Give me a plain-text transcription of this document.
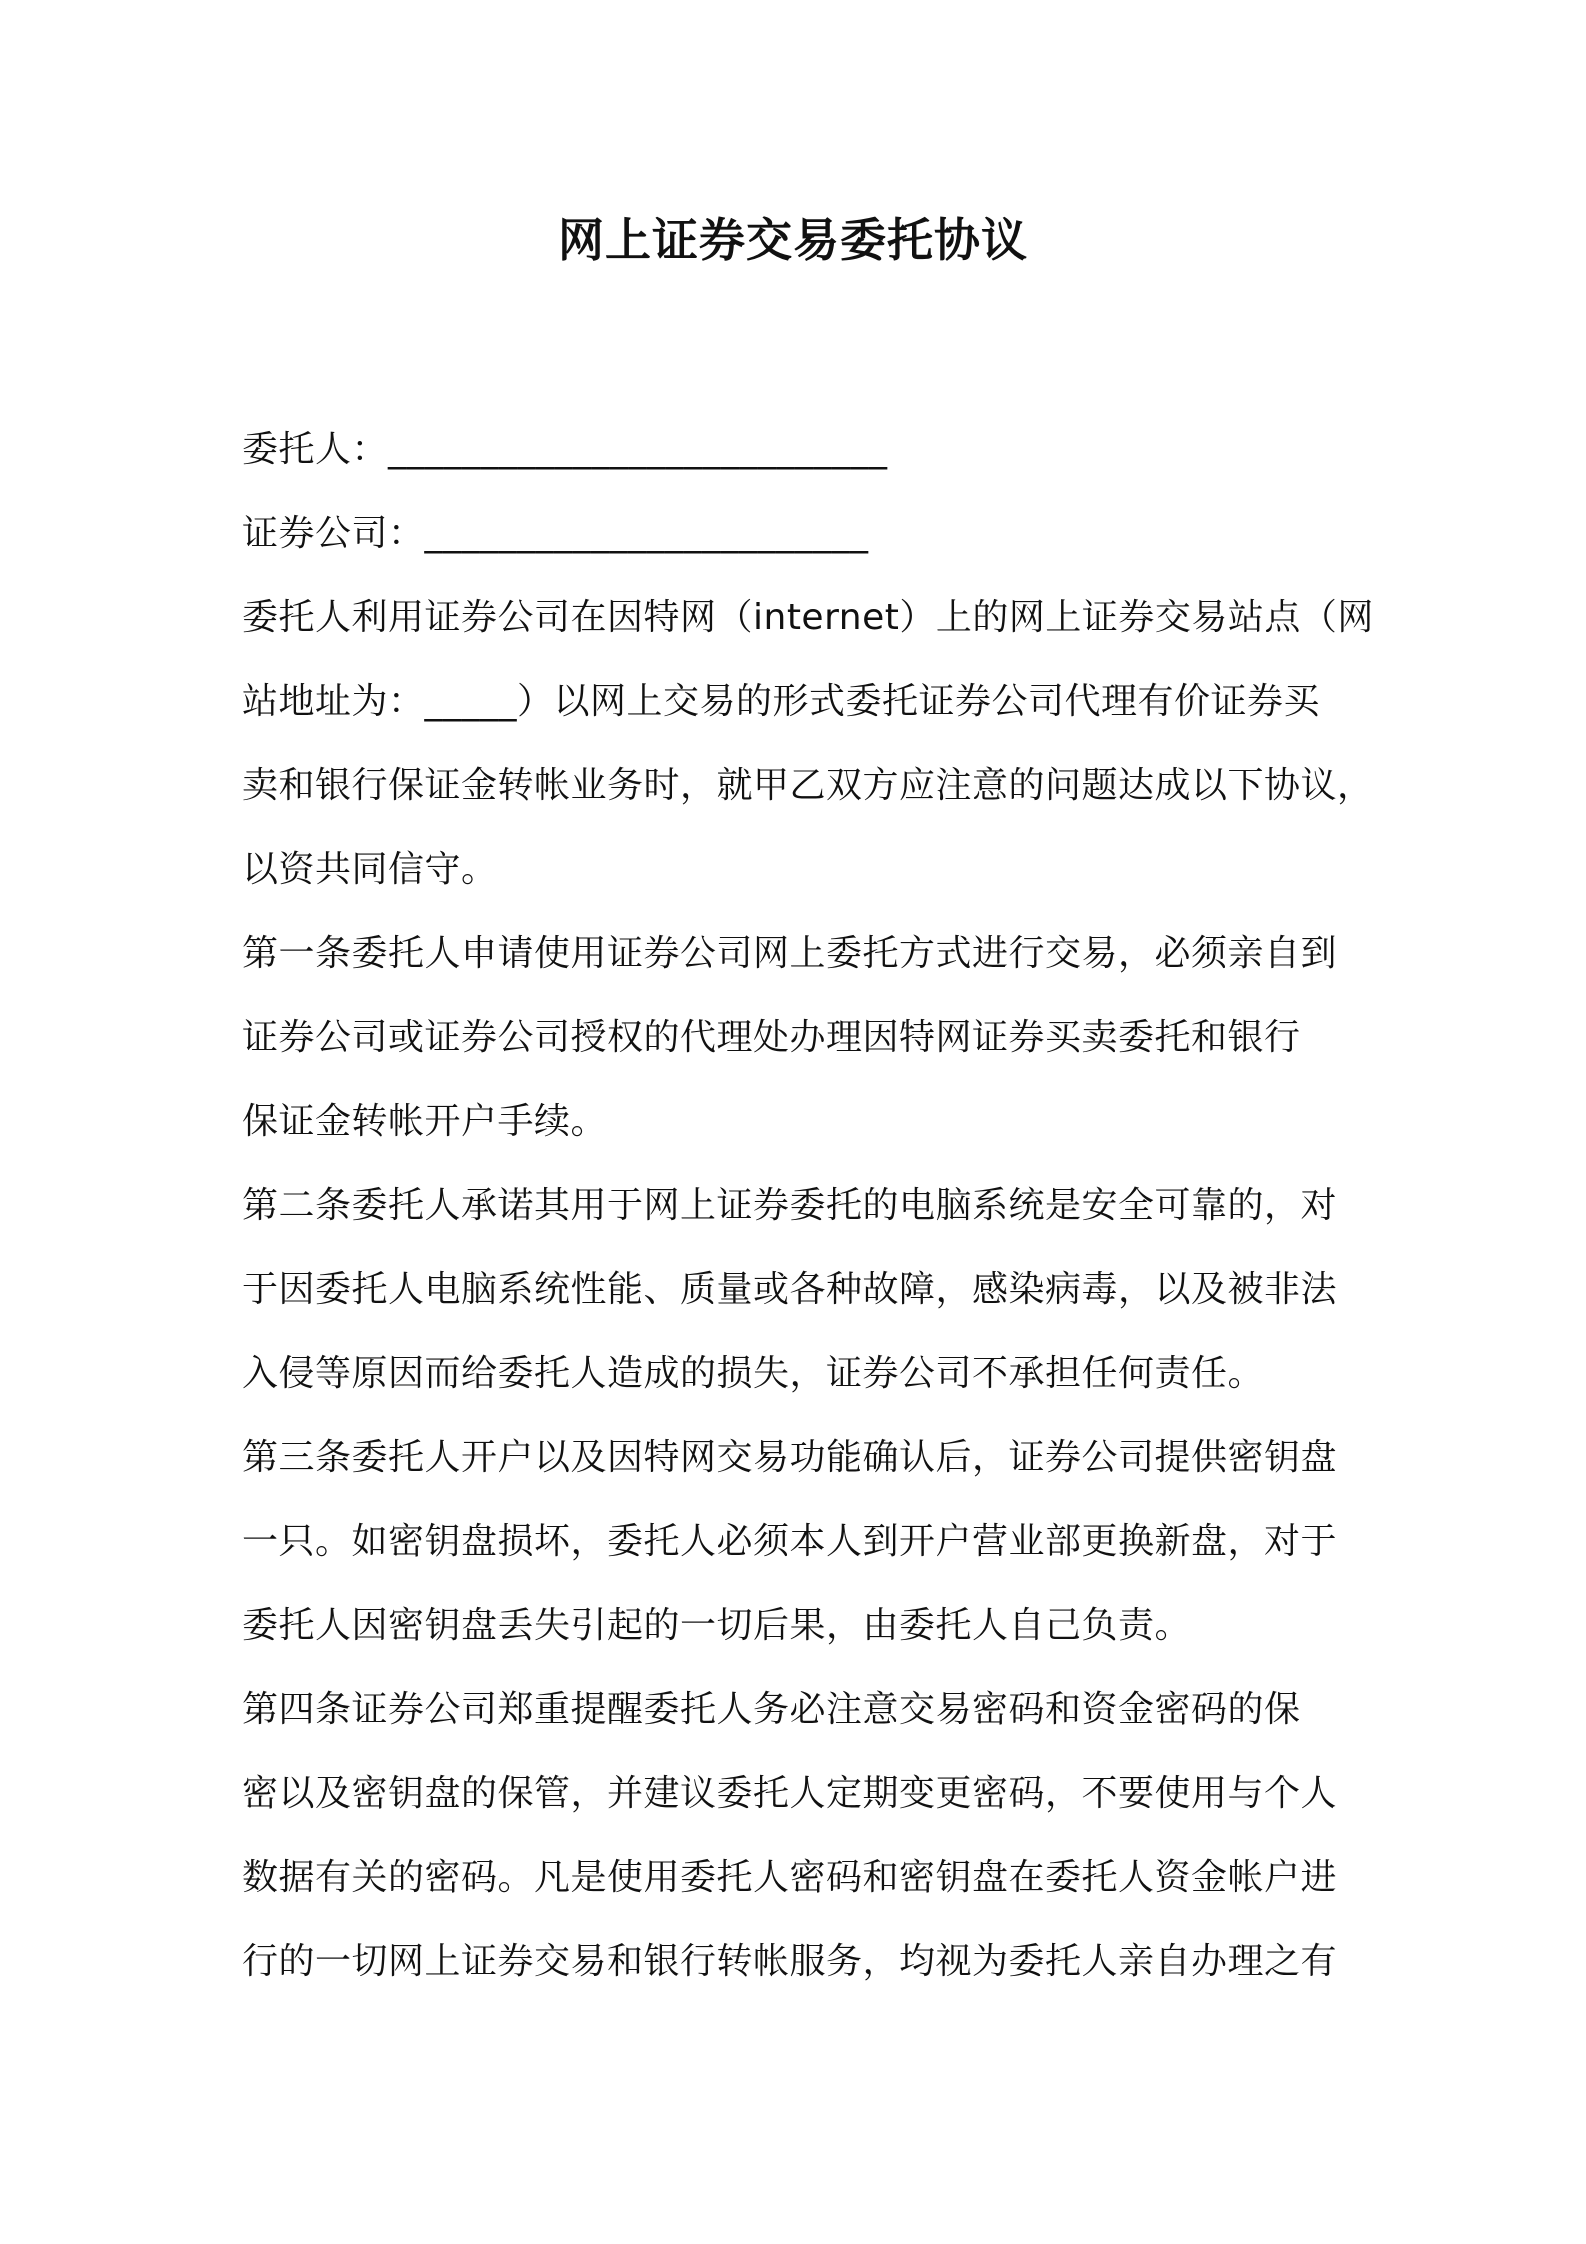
网上证券交易委托协议
委托人：___________________________
证券公司：________________________
委托人利用证券公司在因特网（internet）上的网上证券交易站点（网
站地址为：_____）以网上交易的形式委托证券公司代理有价证券买
卖和银行保证金转帐业务时，就甲乙双方应注意的问题达成以下协议，
以资共同信守。
第一条委托人申请使用证券公司网上委托方式进行交易，必须亲自到
证券公司或证券公司授权的代理处办理因特网证券买卖委托和银行
保证金转帐开户手续。
第二条委托人承诺其用于网上证券委托的电脑系统是安全可靠的，对
于因委托人电脑系统性能、质量或各种故障，感染病毒，以及被非法
入侵等原因而给委托人造成的损失，证券公司不承担任何责任。
第三条委托人开户以及因特网交易功能确认后，证券公司提供密钥盘
一只。如密钥盘损坏，委托人必须本人到开户营业部更换新盘，对于
委托人因密钥盘丢失引起的一切后果，由委托人自己负责。
第四条证券公司郑重提醒委托人务必注意交易密码和资金密码的保
密以及密钥盘的保管，并建议委托人定期变更密码，不要使用与个人
数据有关的密码。凡是使用委托人密码和密钥盘在委托人资金帐户进
行的一切网上证券交易和银行转帐服务，均视为委托人亲自办理之有
